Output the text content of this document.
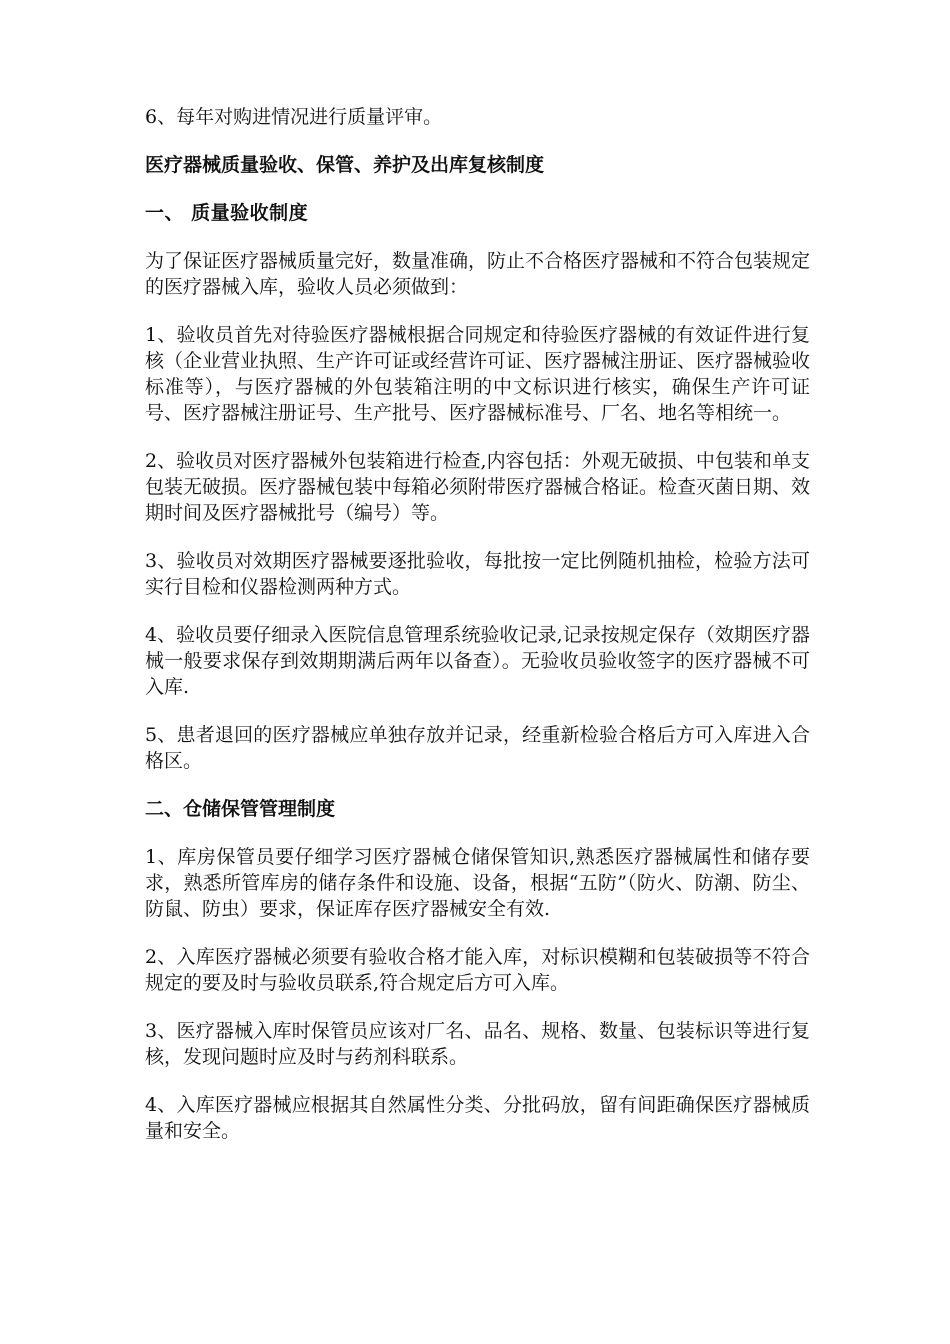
6、每年对购进情况进行质量评审。

医疗器械质量验收、保管、养护及出库复核制度

一、 质量验收制度

为了保证医疗器械质量完好，数量准确，防止不合格医疗器械和不符合包装规定的医疗器械入库，验收人员必须做到：

1、验收员首先对待验医疗器械根据合同规定和待验医疗器械的有效证件进行复核（企业营业执照、生产许可证或经营许可证、医疗器械注册证、医疗器械验收标准等），与医疗器械的外包装箱注明的中文标识进行核实，确保生产许可证号、医疗器械注册证号、生产批号、医疗器械标准号、厂名、地名等相统一。

2、验收员对医疗器械外包装箱进行检查,内容包括：外观无破损、中包装和单支包装无破损。医疗器械包装中每箱必须附带医疗器械合格证。检查灭菌日期、效期时间及医疗器械批号（编号）等。

3、验收员对效期医疗器械要逐批验收，每批按一定比例随机抽检，检验方法可实行目检和仪器检测两种方式。

4、验收员要仔细录入医院信息管理系统验收记录,记录按规定保存（效期医疗器械一般要求保存到效期期满后两年以备查）。无验收员验收签字的医疗器械不可入库.

5、患者退回的医疗器械应单独存放并记录，经重新检验合格后方可入库进入合格区。

二、仓储保管管理制度

1、库房保管员要仔细学习医疗器械仓储保管知识,熟悉医疗器械属性和储存要求，熟悉所管库房的储存条件和设施、设备，根据“五防”（防火、防潮、防尘、防鼠、防虫）要求，保证库存医疗器械安全有效.

2、入库医疗器械必须要有验收合格才能入库，对标识模糊和包装破损等不符合规定的要及时与验收员联系,符合规定后方可入库。

3、医疗器械入库时保管员应该对厂名、品名、规格、数量、包装标识等进行复核，发现问题时应及时与药剂科联系。

4、入库医疗器械应根据其自然属性分类、分批码放，留有间距确保医疗器械质量和安全。
